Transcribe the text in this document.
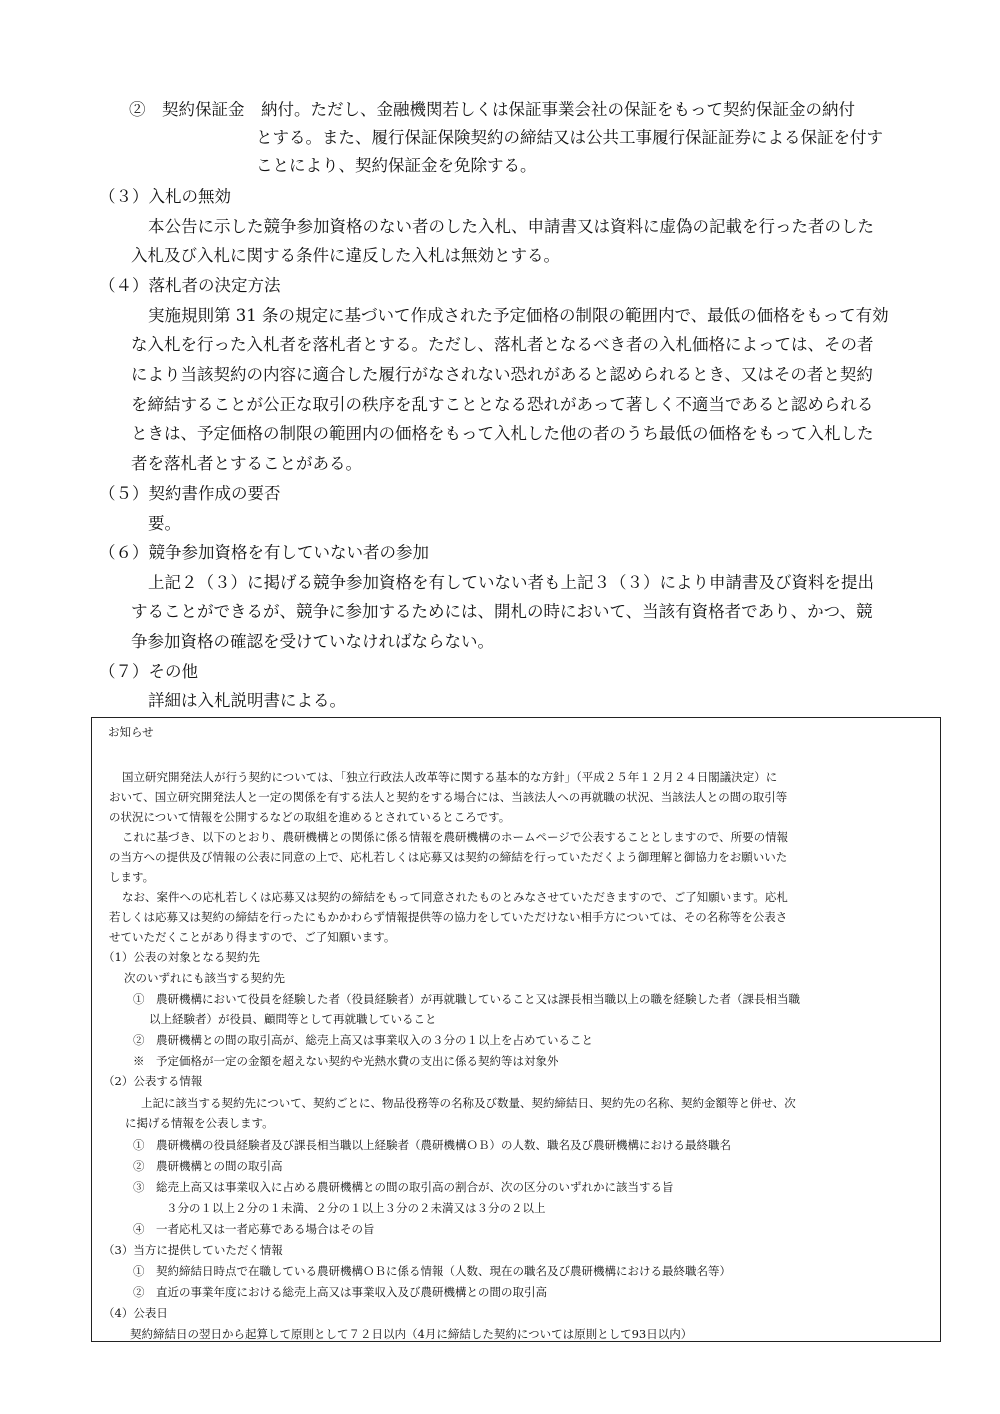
②　契約保証金　納付。ただし、金融機関若しくは保証事業会社の保証をもって契約保証金の納付
とする。また、履行保証保険契約の締結又は公共工事履行保証証券による保証を付す
ことにより、契約保証金を免除する。
（３）入札の無効
本公告に示した競争参加資格のない者のした入札、申請書又は資料に虚偽の記載を行った者のした
入札及び入札に関する条件に違反した入札は無効とする。
（４）落札者の決定方法
実施規則第 31 条の規定に基づいて作成された予定価格の制限の範囲内で、最低の価格をもって有効
な入札を行った入札者を落札者とする。ただし、落札者となるべき者の入札価格によっては、その者
により当該契約の内容に適合した履行がなされない恐れがあると認められるとき、又はその者と契約
を締結することが公正な取引の秩序を乱すこととなる恐れがあって著しく不適当であると認められる
ときは、予定価格の制限の範囲内の価格をもって入札した他の者のうち最低の価格をもって入札した
者を落札者とすることがある。
（５）契約書作成の要否
要。
（６）競争参加資格を有していない者の参加
上記２（３）に掲げる競争参加資格を有していない者も上記３（３）により申請書及び資料を提出
することができるが、競争に参加するためには、開札の時において、当該有資格者であり、かつ、競
争参加資格の確認を受けていなければならない。
（７）その他
詳細は入札説明書による。
お知らせ
国立研究開発法人が行う契約については、「独立行政法人改革等に関する基本的な方針」（平成２５年１２月２４日閣議決定）に
おいて、国立研究開発法人と一定の関係を有する法人と契約をする場合には、当該法人への再就職の状況、当該法人との間の取引等
の状況について情報を公開するなどの取組を進めるとされているところです。
これに基づき、以下のとおり、農研機構との関係に係る情報を農研機構のホームページで公表することとしますので、所要の情報
の当方への提供及び情報の公表に同意の上で、応札若しくは応募又は契約の締結を行っていただくよう御理解と御協力をお願いいた
します。
なお、案件への応札若しくは応募又は契約の締結をもって同意されたものとみなさせていただきますので、ご了知願います。応札
若しくは応募又は契約の締結を行ったにもかかわらず情報提供等の協力をしていただけない相手方については、その名称等を公表さ
せていただくことがあり得ますので、ご了知願います。
（1）公表の対象となる契約先
次のいずれにも該当する契約先
①　農研機構において役員を経験した者（役員経験者）が再就職していること又は課長相当職以上の職を経験した者（課長相当職
以上経験者）が役員、顧問等として再就職していること
②　農研機構との間の取引高が、総売上高又は事業収入の３分の１以上を占めていること
※　予定価格が一定の金額を超えない契約や光熱水費の支出に係る契約等は対象外
（2）公表する情報
上記に該当する契約先について、契約ごとに、物品役務等の名称及び数量、契約締結日、契約先の名称、契約金額等と併せ、次
に掲げる情報を公表します。
①　農研機構の役員経験者及び課長相当職以上経験者（農研機構ＯＢ）の人数、職名及び農研機構における最終職名
②　農研機構との間の取引高
③　総売上高又は事業収入に占める農研機構との間の取引高の割合が、次の区分のいずれかに該当する旨
３分の１以上２分の１未満、２分の１以上３分の２未満又は３分の２以上
④　一者応札又は一者応募である場合はその旨
（3）当方に提供していただく情報
①　契約締結日時点で在職している農研機構ＯＢに係る情報（人数、現在の職名及び農研機構における最終職名等）
②　直近の事業年度における総売上高又は事業収入及び農研機構との間の取引高
（4）公表日
契約締結日の翌日から起算して原則として７２日以内（4月に締結した契約については原則として93日以内）
